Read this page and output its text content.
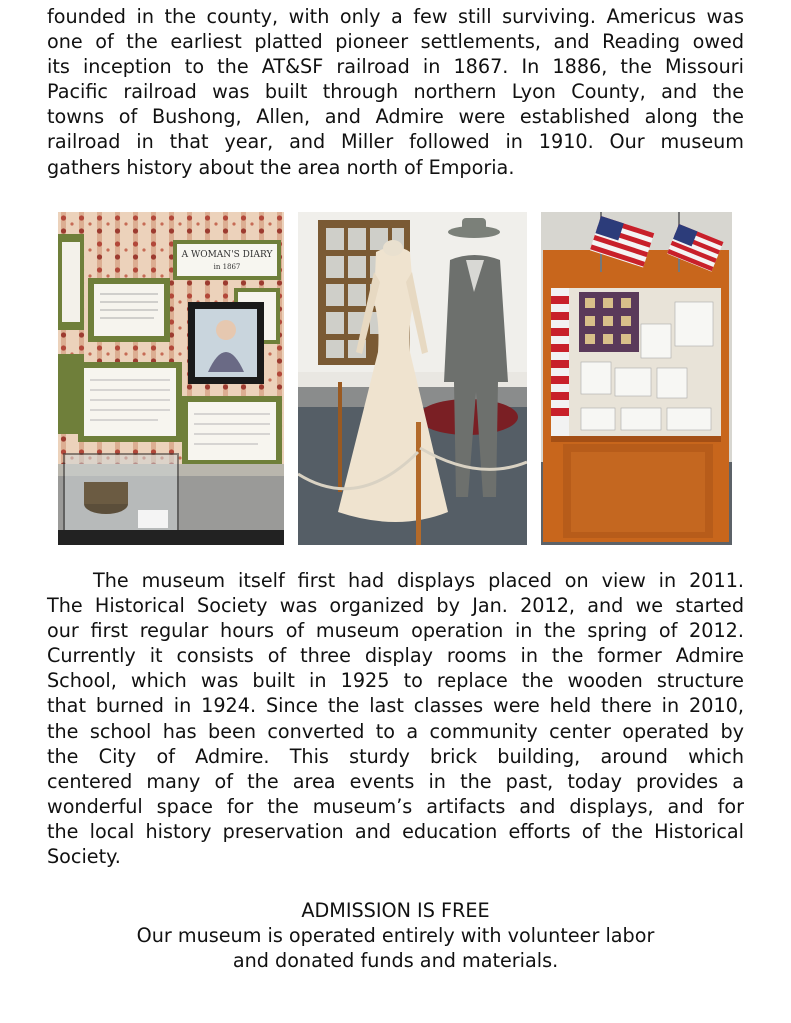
founded in the county, with only a few still surviving. Americus was
one of the earliest platted pioneer settlements, and Reading owed
its inception to the AT&SF railroad in 1867. In 1886, the Missouri
Pacific railroad was built through northern Lyon County, and the
towns of Bushong, Allen, and Admire were established along the
railroad in that year, and Miller followed in 1910. Our museum
gathers history about the area north of Emporia.
A WOMAN'S DIARY
in 1867
The museum itself first had displays placed on view in 2011.
The Historical Society was organized by Jan. 2012, and we started
our first regular hours of museum operation in the spring of 2012.
Currently it consists of three display rooms in the former Admire
School, which was built in 1925 to replace the wooden structure
that burned in 1924. Since the last classes were held there in 2010,
the school has been converted to a community center operated by
the City of Admire. This sturdy brick building, around which
centered many of the area events in the past, today provides a
wonderful space for the museum’s artifacts and displays, and for
the local history preservation and education efforts of the Historical
Society.
ADMISSION IS FREE
Our museum is operated entirely with volunteer labor
and donated funds and materials.
